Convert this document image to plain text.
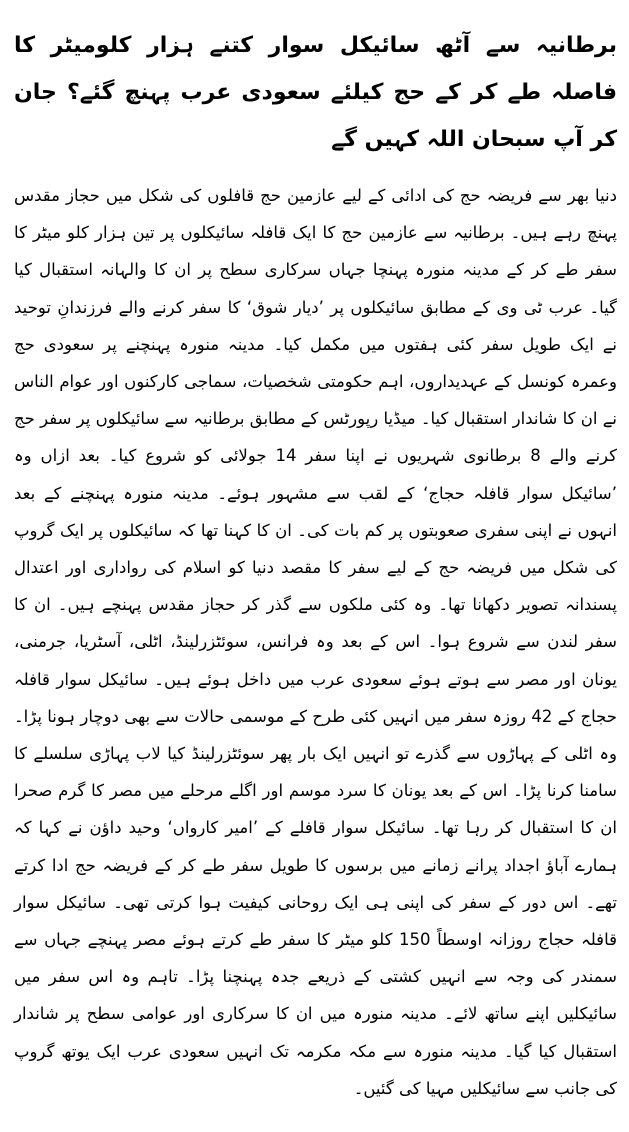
برطانیہ سے آٹھ سائیکل سوار کتنے ہزار کلومیٹر کا فاصلہ طے کر کے حج کیلئے سعودی عرب پہنچ گئے؟ جان کر آپ سبحان اللہ کہیں گے

دنیا بھر سے فریضہ حج کی ادائی کے لیے عازمین حج قافلوں کی شکل میں حجاز مقدس پہنچ رہے ہیں۔ برطانیہ سے عازمین حج کا ایک قافلہ سائیکلوں پر تین ہزار کلو میٹر کا سفر طے کر کے مدینہ منورہ پہنچا جہاں سرکاری سطح پر ان کا والہانہ استقبال کیا گیا۔ عرب ٹی وی کے مطابق سائیکلوں پر ’دیار شوق‘ کا سفر کرنے والے فرزندانِ توحید نے ایک طویل سفر کئی ہفتوں میں مکمل کیا۔ مدینہ منورہ پہنچنے پر سعودی حج وعمرہ کونسل کے عہدیداروں، اہم حکومتی شخصیات، سماجی کارکنوں اور عوام الناس نے ان کا شاندار استقبال کیا۔ میڈیا رپورٹس کے مطابق برطانیہ سے سائیکلوں پر سفر حج کرنے والے 8 برطانوی شہریوں نے اپنا سفر 14 جولائی کو شروع کیا۔ بعد ازاں وہ ’سائیکل سوار قافلہ حجاج‘ کے لقب سے مشہور ہوئے۔ مدینہ منورہ پہنچنے کے بعد انہوں نے اپنی سفری صعوبتوں پر کم بات کی۔ ان کا کہنا تھا کہ سائیکلوں پر ایک گروپ کی شکل میں فریضہ حج کے لیے سفر کا مقصد دنیا کو اسلام کی رواداری اور اعتدال پسندانہ تصویر دکھانا تھا۔ وہ کئی ملکوں سے گذر کر حجاز مقدس پہنچے ہیں۔ ان کا سفر لندن سے شروع ہوا۔ اس کے بعد وہ فرانس، سوئٹزرلینڈ، اٹلی، آسٹریا، جرمنی، یونان اور مصر سے ہوتے ہوئے سعودی عرب میں داخل ہوئے ہیں۔ سائیکل سوار قافلہ حجاج کے 42 روزہ سفر میں انہیں کئی طرح کے موسمی حالات سے بھی دوچار ہونا پڑا۔ وہ اٹلی کے پہاڑوں سے گذرے تو انہیں ایک بار پھر سوئٹزرلینڈ کیا لاب پہاڑی سلسلے کا سامنا کرنا پڑا۔ اس کے بعد یونان کا سرد موسم اور اگلے مرحلے میں مصر کا گرم صحرا ان کا استقبال کر رہا تھا۔ سائیکل سوار قافلے کے ’امیر کارواں‘ وحید داؤن نے کہا کہ ہمارے آباؤ اجداد پرانے زمانے میں برسوں کا طویل سفر طے کر کے فریضہ حج ادا کرتے تھے۔ اس دور کے سفر کی اپنی ہی ایک روحانی کیفیت ہوا کرتی تھی۔ سائیکل سوار قافلہ حجاج روزانہ اوسطاً 150 کلو میٹر کا سفر طے کرتے ہوئے مصر پہنچے جہاں سے سمندر کی وجہ سے انہیں کشتی کے ذریعے جدہ پہنچنا پڑا۔ تاہم وہ اس سفر میں سائیکلیں اپنے ساتھ لائے۔ مدینہ منورہ میں ان کا سرکاری اور عوامی سطح پر شاندار استقبال کیا گیا۔ مدینہ منورہ سے مکہ مکرمہ تک انہیں سعودی عرب ایک یوتھ گروپ کی جانب سے سائیکلیں مہیا کی گئیں۔
